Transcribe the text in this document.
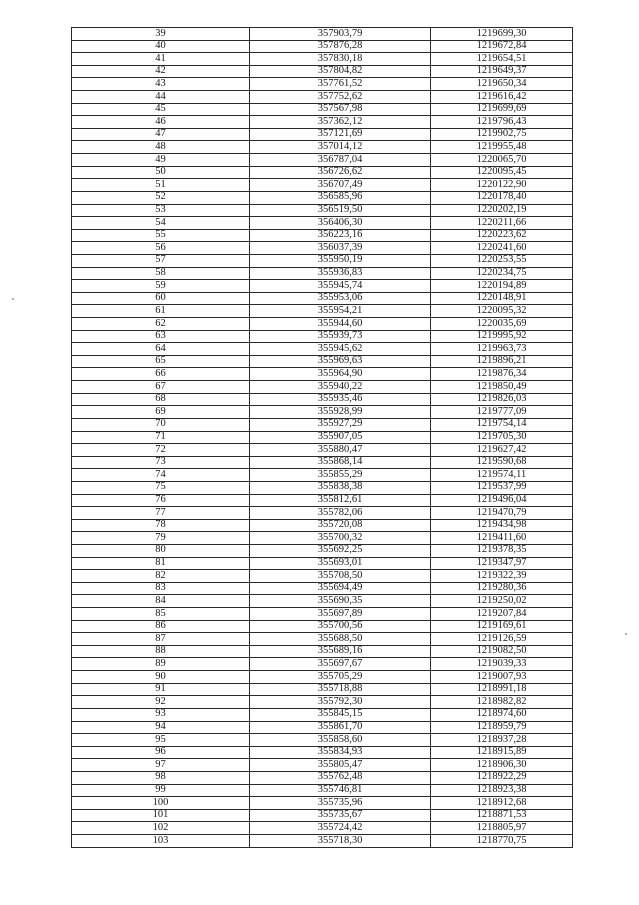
39	357903,79	1219699,30
40	357876,28	1219672,84
41	357830,18	1219654,51
42	357804,82	1219649,37
43	357761,52	1219650,34
44	357752,62	1219616,42
45	357567,98	1219699,69
46	357362,12	1219796,43
47	357121,69	1219902,75
48	357014,12	1219955,48
49	356787,04	1220065,70
50	356726,62	1220095,45
51	356707,49	1220122,90
52	356585,96	1220178,40
53	356519,50	1220202,19
54	356406,30	1220211,66
55	356223,16	1220223,62
56	356037,39	1220241,60
57	355950,19	1220253,55
58	355936,83	1220234,75
59	355945,74	1220194,89
60	355953,06	1220148,91
61	355954,21	1220095,32
62	355944,60	1220035,69
63	355939,73	1219995,92
64	355945,62	1219963,73
65	355969,63	1219896,21
66	355964,90	1219876,34
67	355940,22	1219850,49
68	355935,46	1219826,03
69	355928,99	1219777,09
70	355927,29	1219754,14
71	355907,05	1219705,30
72	355880,47	1219627,42
73	355868,14	1219590,68
74	355855,29	1219574,11
75	355838,38	1219537,99
76	355812,61	1219496,04
77	355782,06	1219470,79
78	355720,08	1219434,98
79	355700,32	1219411,60
80	355692,25	1219378,35
81	355693,01	1219347,97
82	355708,50	1219322,39
83	355694,49	1219280,36
84	355690,35	1219250,02
85	355697,89	1219207,84
86	355700,56	1219169,61
87	355688,50	1219126,59
88	355689,16	1219082,50
89	355697,67	1219039,33
90	355705,29	1219007,93
91	355718,88	1218991,18
92	355792,30	1218982,82
93	355845,15	1218974,60
94	355861,70	1218959,79
95	355858,60	1218937,28
96	355834,93	1218915,89
97	355805,47	1218906,30
98	355762,48	1218922,29
99	355746,81	1218923,38
100	355735,96	1218912,68
101	355735,67	1218871,53
102	355724,42	1218805,97
103	355718,30	1218770,75
